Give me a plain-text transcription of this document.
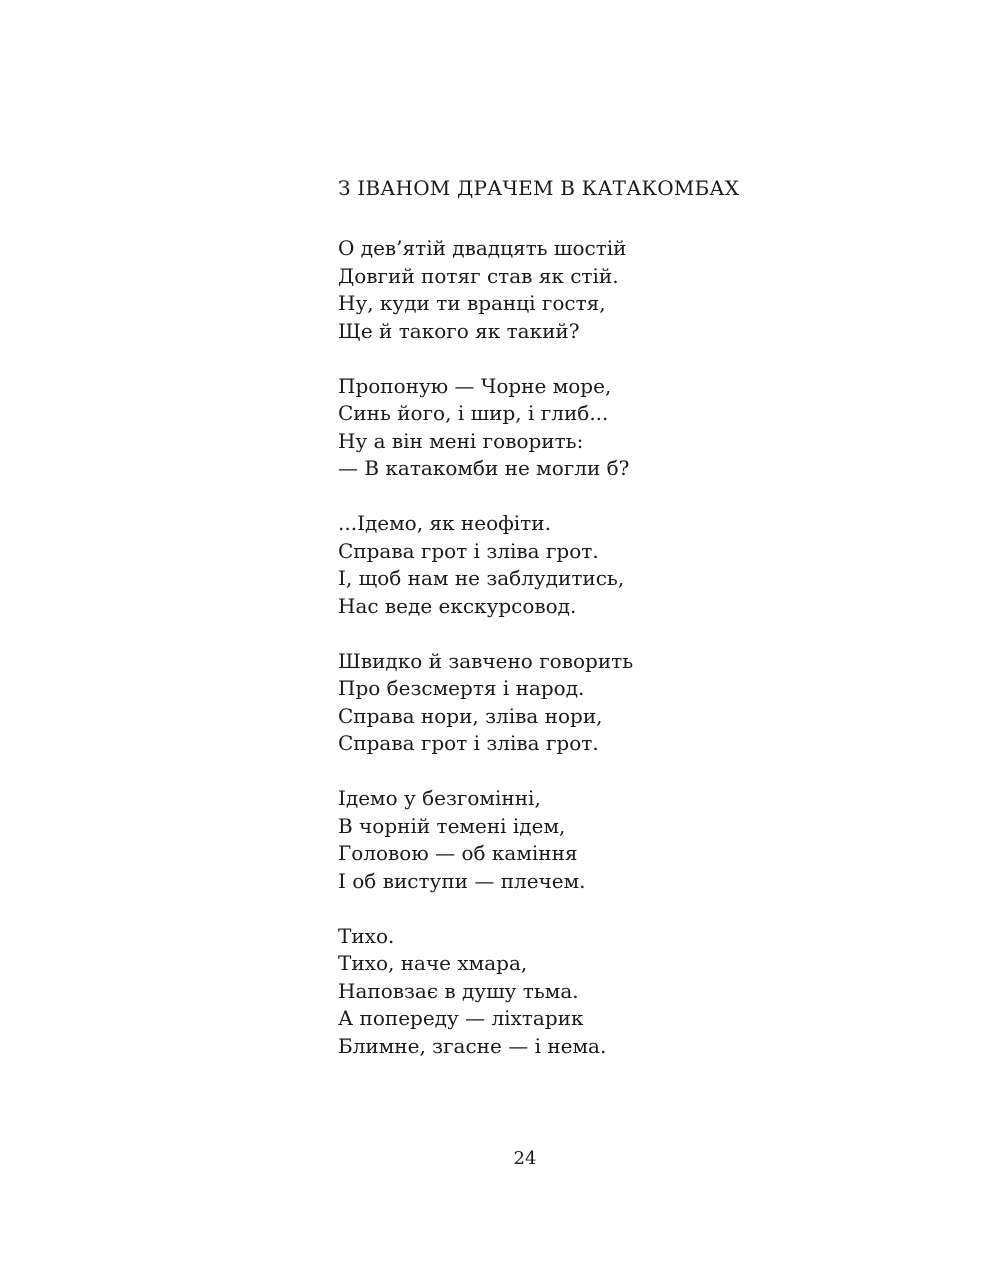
З ІВАНОМ ДРАЧЕМ В КАТАКОМБАХ
О дев’ятій двадцять шостій
Довгий потяг став як стій.
Ну, куди ти вранці гостя,
Ще й такого як такий?
Пропоную — Чорне море,
Синь його, і шир, і глиб...
Ну а він мені говорить:
— В катакомби не могли б?
...Ідемо, як неофіти.
Справа грот і зліва грот.
І, щоб нам не заблудитись,
Нас веде екскурсовод.
Швидко й завчено говорить
Про безсмертя і народ.
Справа нори, зліва нори,
Справа грот і зліва грот.
Ідемо у безгомінні,
В чорній темені ідем,
Головою — об каміння
І об виступи — плечем.
Тихо.
Тихо, наче хмара,
Наповзає в душу тьма.
А попереду — ліхтарик
Блимне, згасне — і нема.
24
